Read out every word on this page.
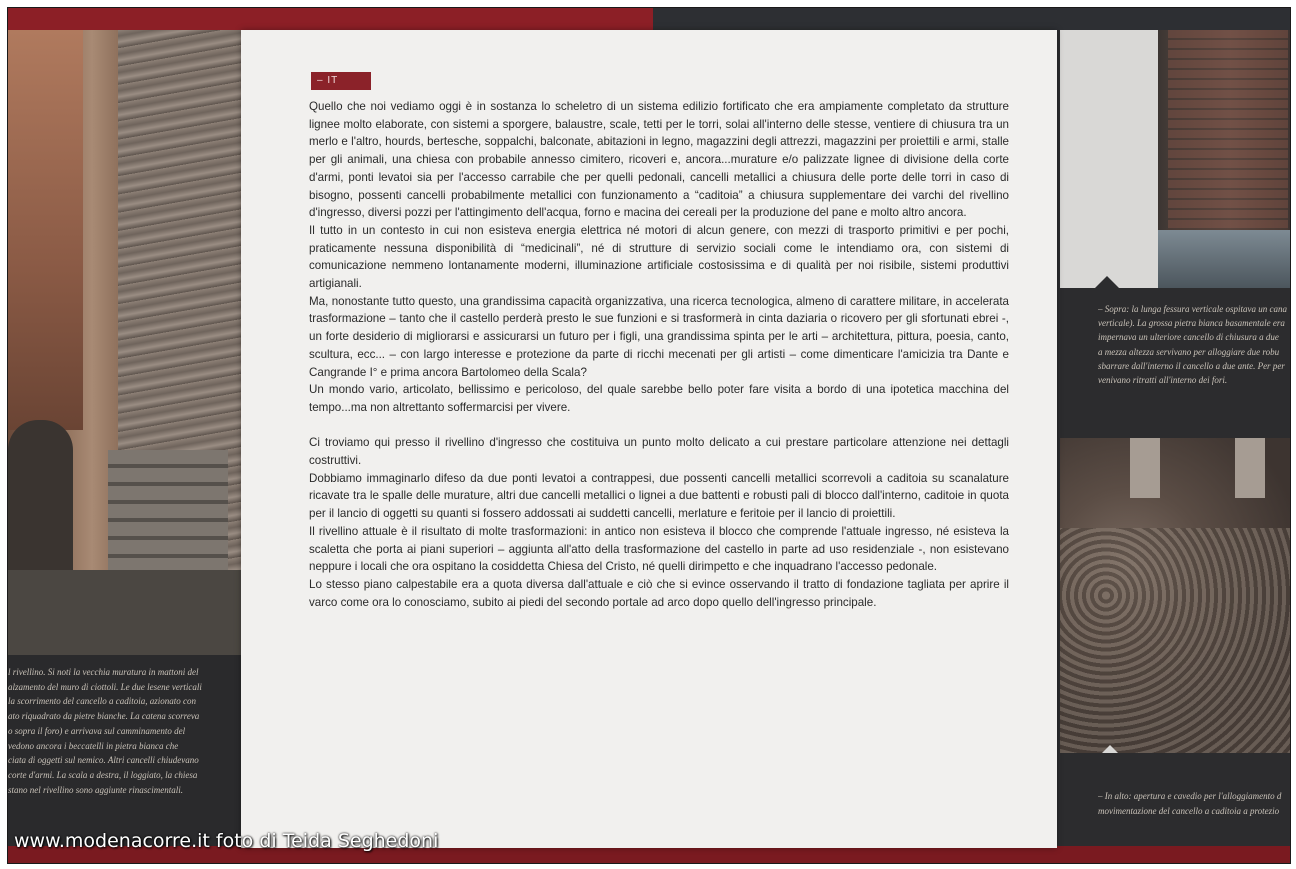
l rivellino. Si noti la vecchia muratura in mattoni del
alzamento del muro di ciottoli. Le due lesene verticali
la scorrimento del cancello a caditoia, azionato con
ato riquadrato da pietre bianche. La catena scorreva
o sopra il foro) e arrivava sul camminamento del
vedono ancora i beccatelli in pietra bianca che
ciata di oggetti sul nemico. Altri cancelli chiudevano
corte d'armi. La scala a destra, il loggiato, la chiesa
stano nel rivellino sono aggiunte rinascimentali.
– Sopra: la lunga fessura verticale ospitava un cana
verticale). La grossa pietra bianca basamentale era
impernava un ulteriore cancello di chiusura a due
a mezza altezza servivano per alloggiare due robu
sbarrare dall'interno il cancello a due ante. Per per
venivano ritratti all'interno dei fori.
– In alto: apertura e cavedio per l'alloggiamento d
movimentazione del cancello a caditoia a protezio
– IT

Quello che noi vediamo oggi è in sostanza lo scheletro di un sistema edilizio fortificato che era ampiamente completato da strutture lignee molto elaborate, con sistemi a sporgere, balaustre, scale, tetti per le torri, solai all'interno delle stesse, ventiere di chiusura tra un merlo e l'altro, hourds, bertesche, soppalchi, balconate, abitazioni in legno, magazzini degli attrezzi, magazzini per proiettili e armi, stalle per gli animali, una chiesa con probabile annesso cimitero, ricoveri e, ancora...murature e/o palizzate lignee di divisione della corte d'armi, ponti levatoi sia per l'accesso carrabile che per quelli pedonali, cancelli metallici a chiusura delle porte delle torri in caso di bisogno, possenti cancelli probabilmente metallici con funzionamento a “caditoia” a chiusura supplementare dei varchi del rivellino d'ingresso, diversi pozzi per l'attingimento dell'acqua, forno e macina dei cereali per la produzione del pane e molto altro ancora.

Il tutto in un contesto in cui non esisteva energia elettrica né motori di alcun genere, con mezzi di trasporto primitivi e per pochi, praticamente nessuna disponibilità di “medicinali”, né di strutture di servizio sociali come le intendiamo ora, con sistemi di comunicazione nemmeno lontanamente moderni, illuminazione artificiale costosissima e di qualità per noi risibile, sistemi produttivi artigianali.

Ma, nonostante tutto questo, una grandissima capacità organizzativa, una ricerca tecnologica, almeno di carattere militare, in accelerata trasformazione – tanto che il castello perderà presto le sue funzioni e si trasformerà in cinta daziaria o ricovero per gli sfortunati ebrei -, un forte desiderio di migliorarsi e assicurarsi un futuro per i figli, una grandissima spinta per le arti – architettura, pittura, poesia, canto, scultura, ecc... – con largo interesse e protezione da parte di ricchi mecenati per gli artisti – come dimenticare l'amicizia tra Dante e Cangrande I° e prima ancora Bartolomeo della Scala?

Un mondo vario, articolato, bellissimo e pericoloso, del quale sarebbe bello poter fare visita a bordo di una ipotetica macchina del tempo...ma non altrettanto soffermarcisi per vivere.

Ci troviamo qui presso il rivellino d'ingresso che costituiva un punto molto delicato a cui prestare particolare attenzione nei dettagli costruttivi.

Dobbiamo immaginarlo difeso da due ponti levatoi a contrappesi, due possenti cancelli metallici scorrevoli a caditoia su scanalature ricavate tra le spalle delle murature, altri due cancelli metallici o lignei a due battenti e robusti pali di blocco dall'interno, caditoie in quota per il lancio di oggetti su quanti si fossero addossati ai suddetti cancelli, merlature e feritoie per il lancio di proiettili.

Il rivellino attuale è il risultato di molte trasformazioni: in antico non esisteva il blocco che comprende l'attuale ingresso, né esisteva la scaletta che porta ai piani superiori – aggiunta all'atto della trasformazione del castello in parte ad uso residenziale -, non esistevano neppure i locali che ora ospitano la cosiddetta Chiesa del Cristo, né quelli dirimpetto e che inquadrano l'accesso pedonale.

Lo stesso piano calpestabile era a quota diversa dall'attuale e ciò che si evince osservando il tratto di fondazione tagliata per aprire il varco come ora lo conosciamo, subito ai piedi del secondo portale ad arco dopo quello dell'ingresso principale.

www.modenacorre.it foto di Teida Seghedoni
